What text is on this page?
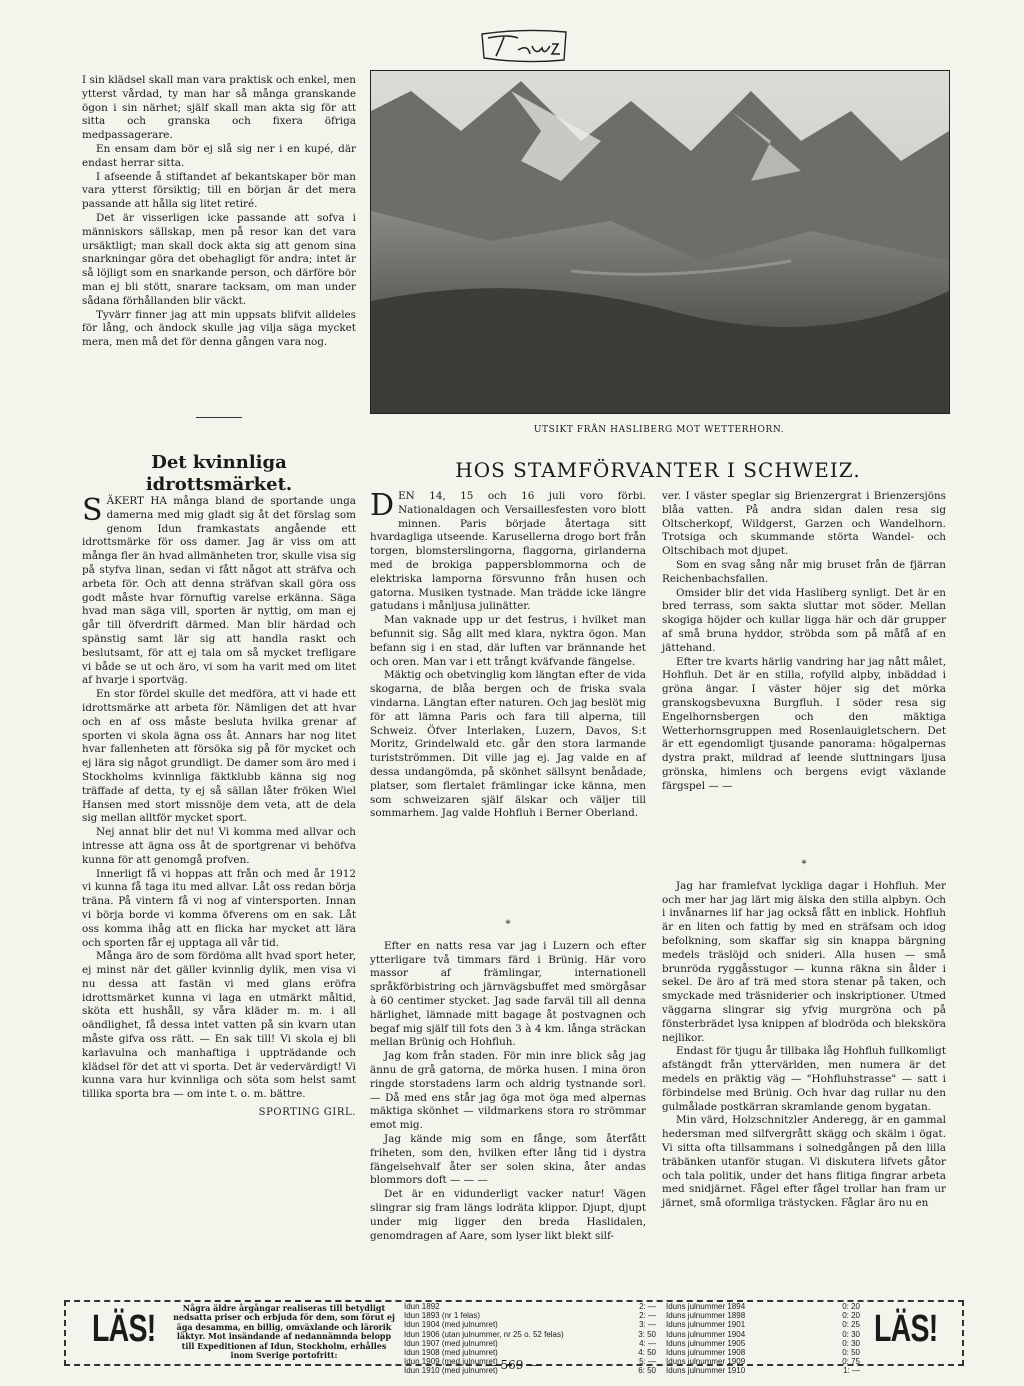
I sin klädsel skall man vara praktisk och enkel, men ytterst vårdad, ty man har så många granskande ögon i sin närhet; själf skall man akta sig för att sitta och granska och fixera öfriga medpassagerare.

En ensam dam bör ej slå sig ner i en kupé, där endast herrar sitta.

I afseende å stiftandet af bekantskaper bör man vara ytterst försiktig; till en början är det mera passande att hålla sig litet retiré.

Det är visserligen icke passande att sofva i människors sällskap, men på resor kan det vara ursäktligt; man skall dock akta sig att genom sina snarkningar göra det obehagligt för andra; intet är så löjligt som en snarkande person, och därföre bör man ej bli stött, snarare tacksam, om man under sådana förhållanden blir väckt.

Tyvärr finner jag att min uppsats blifvit alldeles för lång, och ändock skulle jag vilja säga mycket mera, men må det för denna gången vara nog.

UTSIKT FRÅN HASLIBERG MOT WETTERHORN.
Det kvinnliga idrottsmärket.

SÄKERT HA många bland de sportande unga damerna med mig gladt sig åt det förslag som genom Idun framkastats angående ett idrottsmärke för oss damer. Jag är viss om att många fler än hvad allmänheten tror, skulle visa sig på styfva linan, sedan vi fått något att sträfva och arbeta för. Och att denna sträfvan skall göra oss godt måste hvar förnuftig varelse erkänna. Säga hvad man säga vill, sporten är nyttig, om man ej går till öfverdrift därmed. Man blir härdad och spänstig samt lär sig att handla raskt och beslutsamt, för att ej tala om så mycket trefligare vi både se ut och äro, vi som ha varit med om litet af hvarje i sportväg.

En stor fördel skulle det medföra, att vi hade ett idrottsmärke att arbeta för. Nämligen det att hvar och en af oss måste besluta hvilka grenar af sporten vi skola ägna oss åt. Annars har nog litet hvar fallenheten att försöka sig på för mycket och ej lära sig något grundligt. De damer som äro med i Stockholms kvinnliga fäktklubb känna sig nog träffade af detta, ty ej så sällan låter fröken Wiel Hansen med stort missnöje dem veta, att de dela sig mellan alltför mycket sport.

Nej annat blir det nu! Vi komma med allvar och intresse att ägna oss åt de sportgrenar vi behöfva kunna för att genomgå profven.

Innerligt få vi hoppas att från och med år 1912 vi kunna få taga itu med allvar. Låt oss redan börja träna. På vintern få vi nog af vintersporten. Innan vi börja borde vi komma öfverens om en sak. Låt oss komma ihåg att en flicka har mycket att lära och sporten får ej upptaga all vår tid.

Många äro de som fördöma allt hvad sport heter, ej minst när det gäller kvinnlig dylik, men visa vi nu dessa att fastän vi med glans eröfra idrottsmärket kunna vi laga en utmärkt måltid, sköta ett hushåll, sy våra kläder m. m. i all oändlighet, få dessa intet vatten på sin kvarn utan måste gifva oss rätt. — En sak till! Vi skola ej bli karlavulna och manhaftiga i uppträdande och klädsel för det att vi sporta. Det är vedervärdigt! Vi kunna vara hur kvinnliga och söta som helst samt tillika sporta bra — om inte t. o. m. bättre.

SPORTING GIRL.
HOS STAMFÖRVANTER I SCHWEIZ.

DEN 14, 15 och 16 juli voro förbi. Nationaldagen och Versaillesfesten voro blott minnen. Paris började återtaga sitt hvardagliga utseende. Karusellerna drogo bort från torgen, blomsterslingorna, flaggorna, girlanderna med de brokiga pappersblommorna och de elektriska lamporna försvunno från husen och gatorna. Musiken tystnade. Man trädde icke längre gatudans i månljusa julinätter.

Man vaknade upp ur det festrus, i hvilket man befunnit sig. Såg allt med klara, nyktra ögon. Man befann sig i en stad, där luften var brännande het och oren. Man var i ett trångt kväfvande fängelse.

Mäktig och obetvinglig kom längtan efter de vida skogarna, de blåa bergen och de friska svala vindarna. Längtan efter naturen. Och jag beslöt mig för att lämna Paris och fara till alperna, till Schweiz. Öfver Interlaken, Luzern, Davos, S:t Moritz, Grindelwald etc. går den stora larmande turistströmmen. Dit ville jag ej. Jag valde en af dessa undangömda, på skönhet sällsynt benådade, platser, som flertalet främlingar icke känna, men som schweizaren själf älskar och väljer till sommarhem. Jag valde Hohfluh i Berner Oberland.

*

Efter en natts resa var jag i Luzern och efter ytterligare två timmars färd i Brünig. Här voro massor af främlingar, internationell språkförbistring och järnvägsbuffet med smörgåsar à 60 centimer stycket. Jag sade farväl till all denna härlighet, lämnade mitt bagage åt postvagnen och begaf mig själf till fots den 3 à 4 km. långa sträckan mellan Brünig och Hohfluh.

Jag kom från staden. För min inre blick såg jag ännu de grå gatorna, de mörka husen. I mina öron ringde storstadens larm och aldrig tystnande sorl. — Då med ens står jag öga mot öga med alpernas mäktiga skönhet — vildmarkens stora ro strömmar emot mig.

Jag kände mig som en fånge, som återfått friheten, som den, hvilken efter lång tid i dystra fängelsehvalf åter ser solen skina, åter andas blommors doft — — —

Det är en vidunderligt vacker natur! Vägen slingrar sig fram längs lodräta klippor. Djupt, djupt under mig ligger den breda Haslidalen, genomdragen af Aare, som lyser likt blekt silf-

ver. I väster speglar sig Brienzergrat i Brienzersjöns blåa vatten. På andra sidan dalen resa sig Oltscherkopf, Wildgerst, Garzen och Wandelhorn. Trotsiga och skummande störta Wandel- och Oltschibach mot djupet.

Som en svag sång når mig bruset från de fjärran Reichenbachsfallen.

Omsider blir det vida Hasliberg synligt. Det är en bred terrass, som sakta sluttar mot söder. Mellan skogiga höjder och kullar ligga här och där grupper af små bruna hyddor, ströbda som på måfå af en jättehand.

Efter tre kvarts härlig vandring har jag nått målet, Hohfluh. Det är en stilla, rofylld alpby, inbäddad i gröna ängar. I väster höjer sig det mörka granskogsbevuxna Burgfluh. I söder resa sig Engelhornsbergen och den mäktiga Wetterhornsgruppen med Rosenlauigletschern. Det är ett egendomligt tjusande panorama: högalpernas dystra prakt, mildrad af leende sluttningars ljusa grönska, himlens och bergens evigt växlande färgspel — —

*

Jag har framlefvat lyckliga dagar i Hohfluh. Mer och mer har jag lärt mig älska den stilla alpbyn. Och i invånarnes lif har jag också fått en inblick. Hohfluh är en liten och fattig by med en sträfsam och idog befolkning, som skaffar sig sin knappa bärgning medels träslöjd och snideri. Alla husen — små brunröda ryggåsstugor — kunna räkna sin ålder i sekel. De äro af trä med stora stenar på taken, och smyckade med träsniderier och inskriptioner. Utmed väggarna slingrar sig yfvig murgröna och på fönsterbrädet lysa knippen af blodröda och bleksköra nejlikor.

Endast för tjugu år tillbaka låg Hohfluh fullkomligt afstängdt från yttervärlden, men numera är det medels en präktig väg — "Hohfluhstrasse" — satt i förbindelse med Brünig. Och hvar dag rullar nu den gulmålade postkärran skramlande genom bygatan.

Min värd, Holzschnitzler Anderegg, är en gammal hedersman med silfvergrått skägg och skälm i ögat. Vi sitta ofta tillsammans i solnedgången på den lilla träbänken utanför stugan. Vi diskutera lifvets gåtor och tala politik, under det hans flitiga fingrar arbeta med snidjärnet. Fågel efter fågel trollar han fram ur järnet, små oformliga trästycken. Fåglar äro nu en

LÄS!	Några äldre årgångar realiseras till betydligt nedsatta priser och erbjuda för dem, som förut ej äga desamma, en billig, omväxlande och lärorik läktyr. Mot insändande af nedannämnda belopp till Expeditionen af Idun, Stockholm, erhålles inom Sverige portofritt:
Idun 1892	2: —
Idun 1893 (nr 1 felas)	2: —
Idun 1904 (med julnumret)	3: —
Idun 1906 (utan julnummer, nr 25 o. 52 felas)	3: 50
Idun 1907 (med julnumret)	4: —
Idun 1908 (med julnumret)	4: 50
Idun 1909 (med julnumret)	5: —
Idun 1910 (med julnumret)	6: 50
Iduns julnummer 1894	0: 20
Iduns julnummer 1898	0: 20
Iduns julnummer 1901	0: 25
Iduns julnummer 1904	0: 30
Iduns julnummer 1905	0: 30
Iduns julnummer 1908	0: 50
Iduns julnummer 1909	0: 75
Iduns julnummer 1910	1: —
LÄS!
— 569 —
